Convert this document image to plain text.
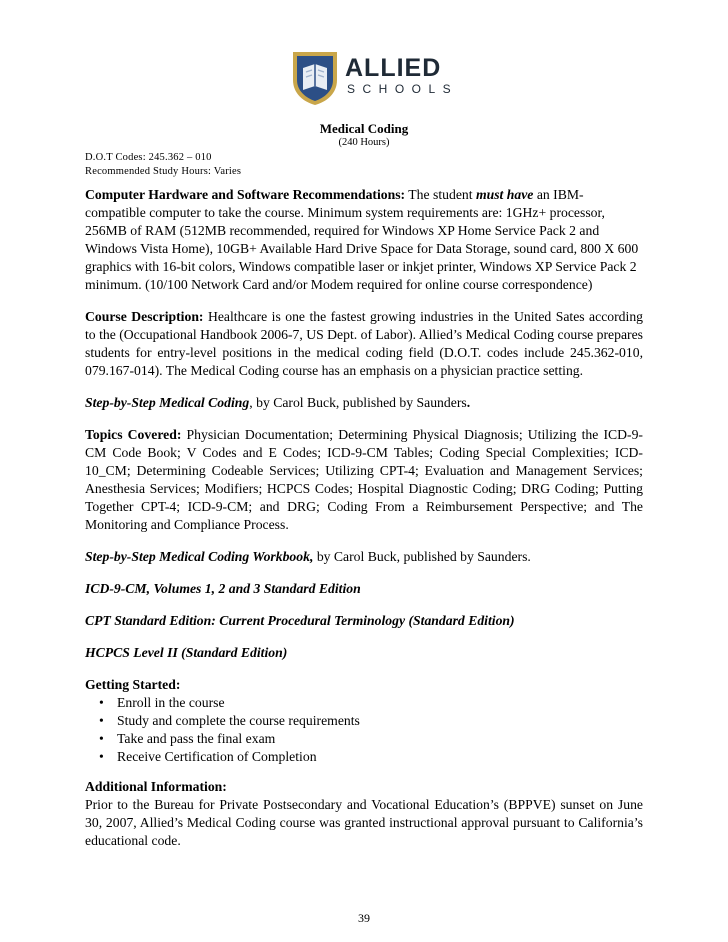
ALLIED
SCHOOLS
Medical Coding
(240 Hours)
D.O.T Codes: 245.362 – 010
Recommended Study Hours: Varies

Computer Hardware and Software Recommendations: The student must have an IBM-compatible computer to take the course. Minimum system requirements are: 1GHz+ processor, 256MB of RAM (512MB recommended, required for Windows XP Home Service Pack 2 and Windows Vista Home), 10GB+ Available Hard Drive Space for Data Storage, sound card, 800 X 600 graphics with 16-bit colors, Windows compatible laser or inkjet printer, Windows XP Service Pack 2 minimum. (10/100 Network Card and/or Modem required for online course correspondence)

Course Description: Healthcare is one the fastest growing industries in the United Sates according to the (Occupational Handbook 2006-7, US Dept. of Labor). Allied’s Medical Coding course prepares students for entry-level positions in the medical coding field (D.O.T. codes include 245.362-010, 079.167-014). The Medical Coding course has an emphasis on a physician practice setting.

Step-by-Step Medical Coding, by Carol Buck, published by Saunders.

Topics Covered: Physician Documentation; Determining Physical Diagnosis; Utilizing the ICD-9-CM Code Book; V Codes and E Codes; ICD-9-CM Tables; Coding Special Complexities; ICD-10_CM; Determining Codeable Services; Utilizing CPT-4; Evaluation and Management Services; Anesthesia Services; Modifiers; HCPCS Codes; Hospital Diagnostic Coding; DRG Coding; Putting Together CPT-4; ICD-9-CM; and DRG; Coding From a Reimbursement Perspective; and The Monitoring and Compliance Process.

Step-by-Step Medical Coding Workbook, by Carol Buck, published by Saunders.

ICD-9-CM, Volumes 1, 2 and 3 Standard Edition

CPT Standard Edition: Current Procedural Terminology (Standard Edition)

HCPCS Level II (Standard Edition)

Getting Started:
• Enroll in the course
• Study and complete the course requirements
• Take and pass the final exam
• Receive Certification of Completion
Additional Information:

Prior to the Bureau for Private Postsecondary and Vocational Education’s (BPPVE) sunset on June 30, 2007, Allied’s Medical Coding course was granted instructional approval pursuant to California’s educational code.

39
